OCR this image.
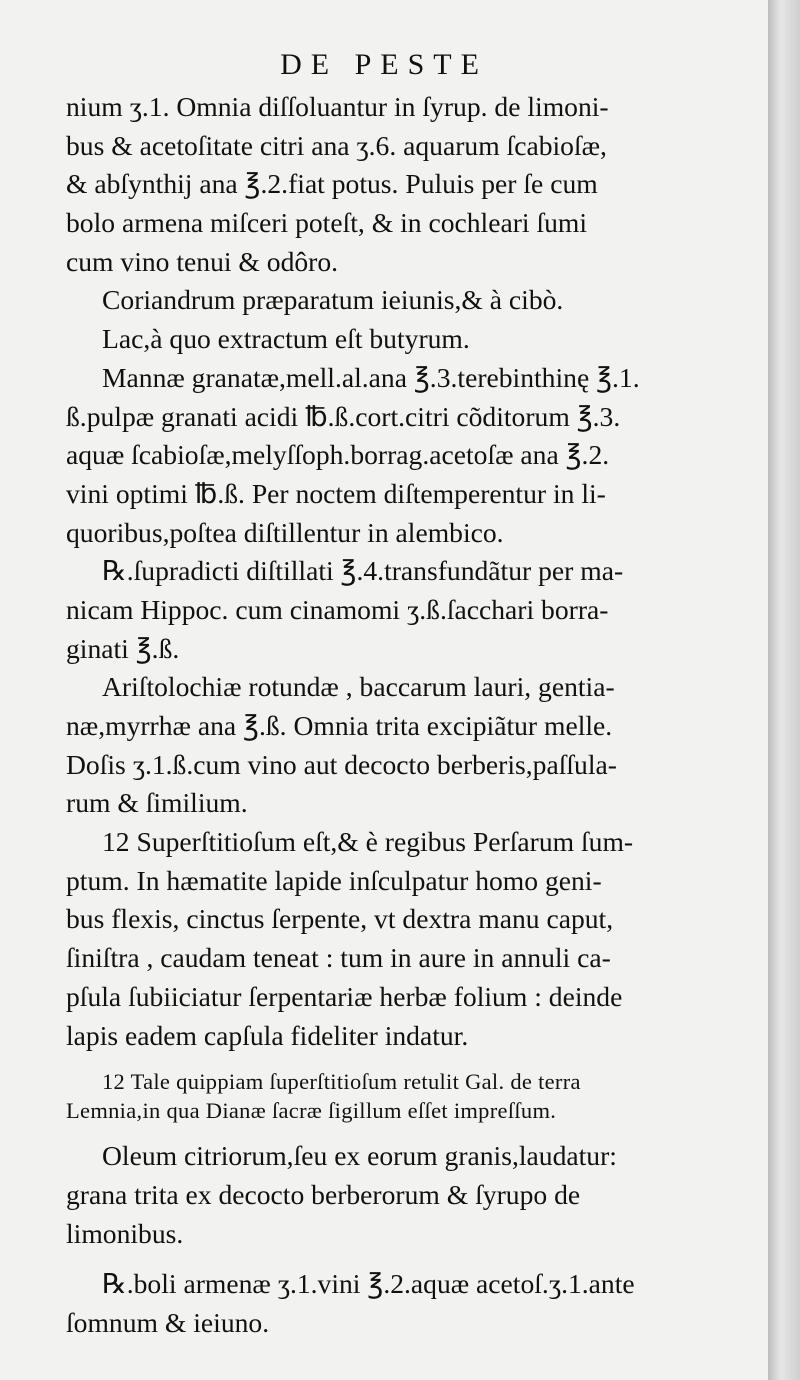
DE PESTE
nium ʒ.1. Omnia diſſoluantur in ſyrup. de limoni-
bus & acetoſitate citri ana ʒ.6. aquarum ſcabioſæ,
& abſynthij ana ℥.2.fiat potus. Puluis per ſe cum
bolo armena miſceri poteſt, & in cochleari ſumi
cum vino tenui & odôro.
Coriandrum præparatum ieiunis,& à cibò.
Lac,à quo extractum eſt butyrum.
Mannæ granatæ,mell.al.ana ℥.3.terebinthinę ℥.1.
ß.pulpæ granati acidi ℔.ß.cort.citri cõditorum ℥.3.
aquæ ſcabioſæ,melyſſoph.borrag.acetoſæ ana ℥.2.
vini optimi ℔.ß. Per noctem diſtemperentur in li-
quoribus,poſtea diſtillentur in alembico.
℞.ſupradicti diſtillati ℥.4.transfundãtur per ma-
nicam Hippoc. cum cinamomi ʒ.ß.ſacchari borra-
ginati ℥.ß.
Ariſtolochiæ rotundæ , baccarum lauri, gentia-
næ,myrrhæ ana ℥.ß. Omnia trita excipiãtur melle.
Doſis ʒ.1.ß.cum vino aut decocto berberis,paſſula-
rum & ſimilium.
12 Superſtitioſum eſt,& è regibus Perſarum ſum-
ptum. In hæmatite lapide inſculpatur homo geni-
bus flexis, cinctus ſerpente, vt dextra manu caput,
ſiniſtra , caudam teneat : tum in aure in annuli ca-
pſula ſubiiciatur ſerpentariæ herbæ folium : deinde
lapis eadem capſula fideliter indatur.
12 Tale quippiam ſuperſtitioſum retulit Gal. de terra
Lemnia,in qua Dianæ ſacræ ſigillum eſſet impreſſum.
Oleum citriorum,ſeu ex eorum granis,laudatur:
grana trita ex decocto berberorum & ſyrupo de
limonibus.
℞.boli armenæ ʒ.1.vini ℥.2.aquæ acetoſ.ʒ.1.ante
ſomnum & ieiuno.
